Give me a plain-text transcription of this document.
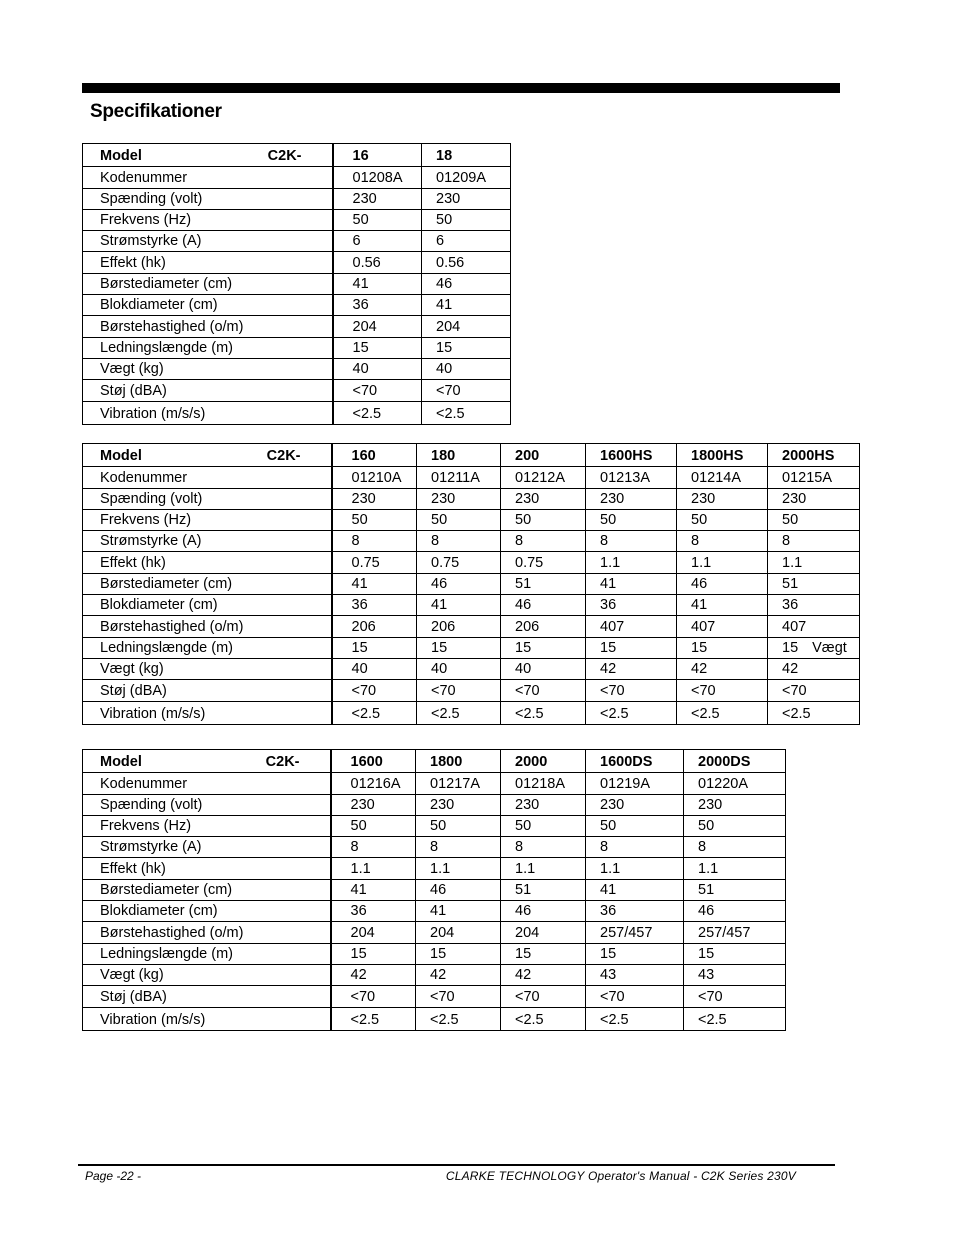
Specifikationer
Model C2K-	16	18
Kodenummer	01208A	01209A
Spænding (volt)	230	230
Frekvens (Hz)	50	50
Strømstyrke (A)	6	6
Effekt (hk)	0.56	0.56
Børstediameter (cm)	41	46
Blokdiameter (cm)	36	41
Børstehastighed (o/m)	204	204
Ledningslængde (m)	15	15
Vægt (kg)	40	40
Støj (dBA)	<70	<70
Vibration (m/s/s)	<2.5	<2.5
Model C2K-	160	180	200	1600HS	1800HS	2000HS
Kodenummer	01210A	01211A	01212A	01213A	01214A	01215A
Spænding (volt)	230	230	230	230	230	230
Frekvens (Hz)	50	50	50	50	50	50
Strømstyrke (A)	8	8	8	8	8	8
Effekt (hk)	0.75	0.75	0.75	1.1	1.1	1.1
Børstediameter (cm)	41	46	51	41	46	51
Blokdiameter (cm)	36	41	46	36	41	36
Børstehastighed (o/m)	206	206	206	407	407	407
Ledningslængde (m)	15	15	15	15	15	15 Vægt
Vægt (kg)	40	40	40	42	42	42
Støj (dBA)	<70	<70	<70	<70	<70	<70
Vibration (m/s/s)	<2.5	<2.5	<2.5	<2.5	<2.5	<2.5
Model C2K-	1600	1800	2000	1600DS	2000DS
Kodenummer	01216A	01217A	01218A	01219A	01220A
Spænding (volt)	230	230	230	230	230
Frekvens (Hz)	50	50	50	50	50
Strømstyrke (A)	8	8	8	8	8
Effekt (hk)	1.1	1.1	1.1	1.1	1.1
Børstediameter (cm)	41	46	51	41	51
Blokdiameter (cm)	36	41	46	36	46
Børstehastighed (o/m)	204	204	204	257/457	257/457
Ledningslængde (m)	15	15	15	15	15
Vægt (kg)	42	42	42	43	43
Støj (dBA)	<70	<70	<70	<70	<70
Vibration (m/s/s)	<2.5	<2.5	<2.5	<2.5	<2.5
Page -22 -	CLARKE TECHNOLOGY Operator's Manual - C2K Series 230V
